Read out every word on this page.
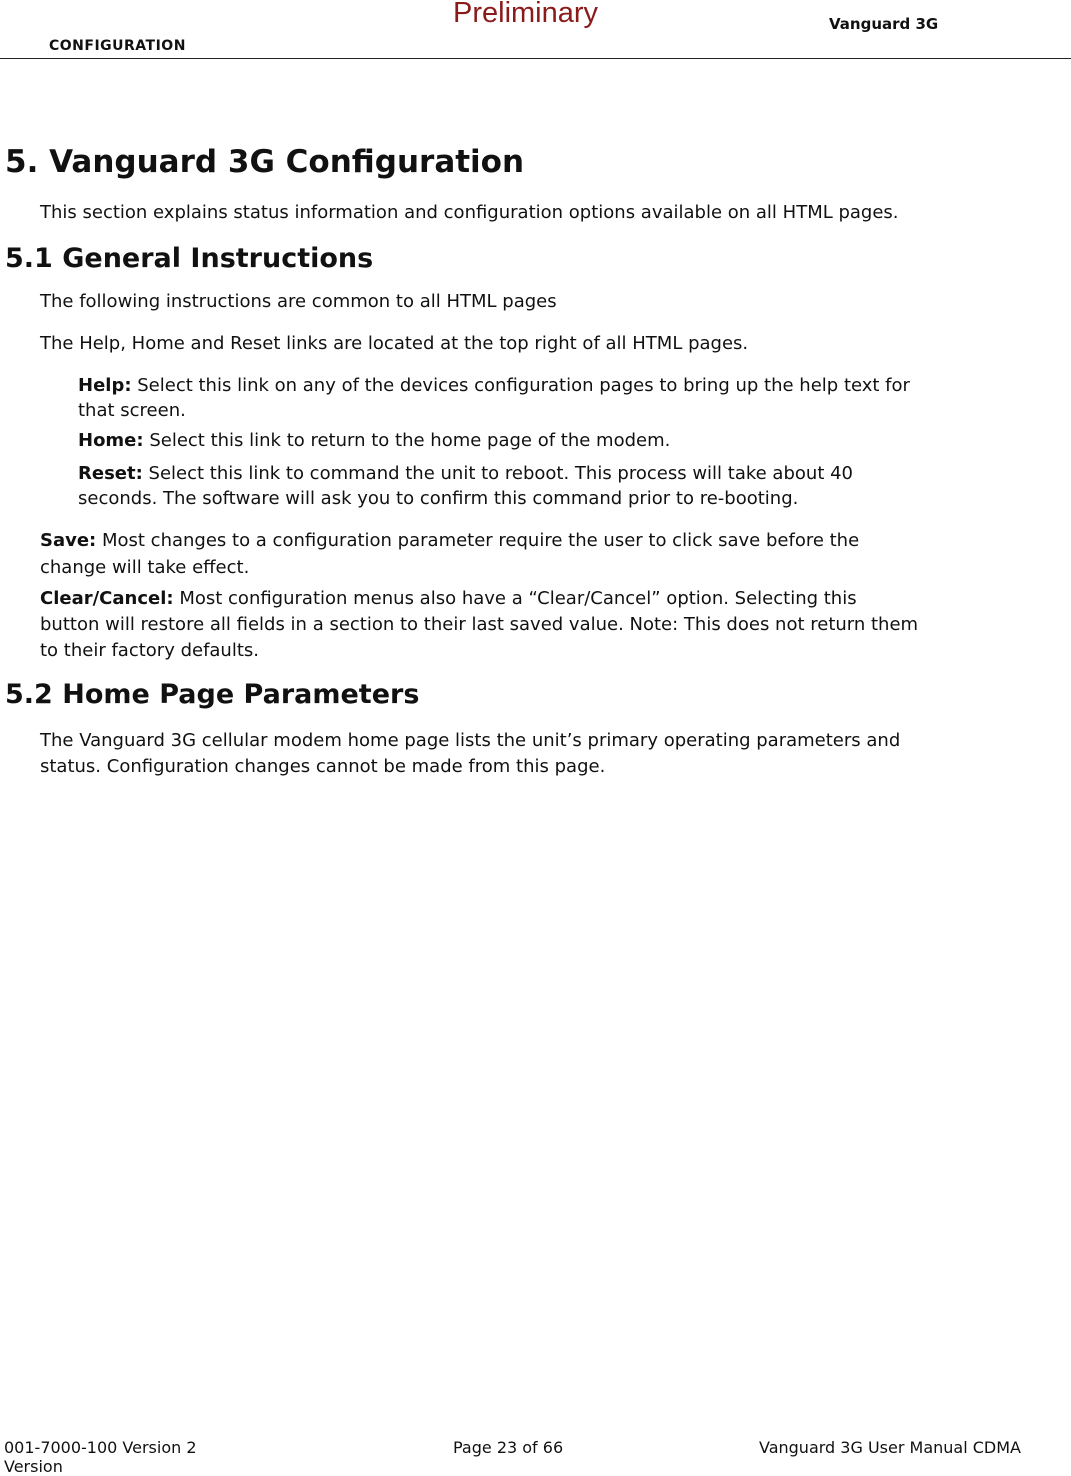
CONFIGURATION
Preliminary	Vanguard 3G
5. Vanguard 3G Configuration
This section explains status information and configuration options available on all HTML pages.
5.1 General Instructions
The following instructions are common to all HTML pages
The Help, Home and Reset links are located at the top right of all HTML pages.
Help: Select this link on any of the devices configuration pages to bring up the help text for
that screen.
Home: Select this link to return to the home page of the modem.
Reset: Select this link to command the unit to reboot. This process will take about 40
seconds. The software will ask you to confirm this command prior to re-booting.
Save: Most changes to a configuration parameter require the user to click save before the
change will take effect.
Clear/Cancel: Most configuration menus also have a “Clear/Cancel” option. Selecting this
button will restore all fields in a section to their last saved value. Note: This does not return them
to their factory defaults.
5.2 Home Page Parameters
The Vanguard 3G cellular modem home page lists the unit’s primary operating parameters and
status. Configuration changes cannot be made from this page.
001-7000-100 Version 2
Version
Page 23 of 66	Vanguard 3G User Manual CDMA
